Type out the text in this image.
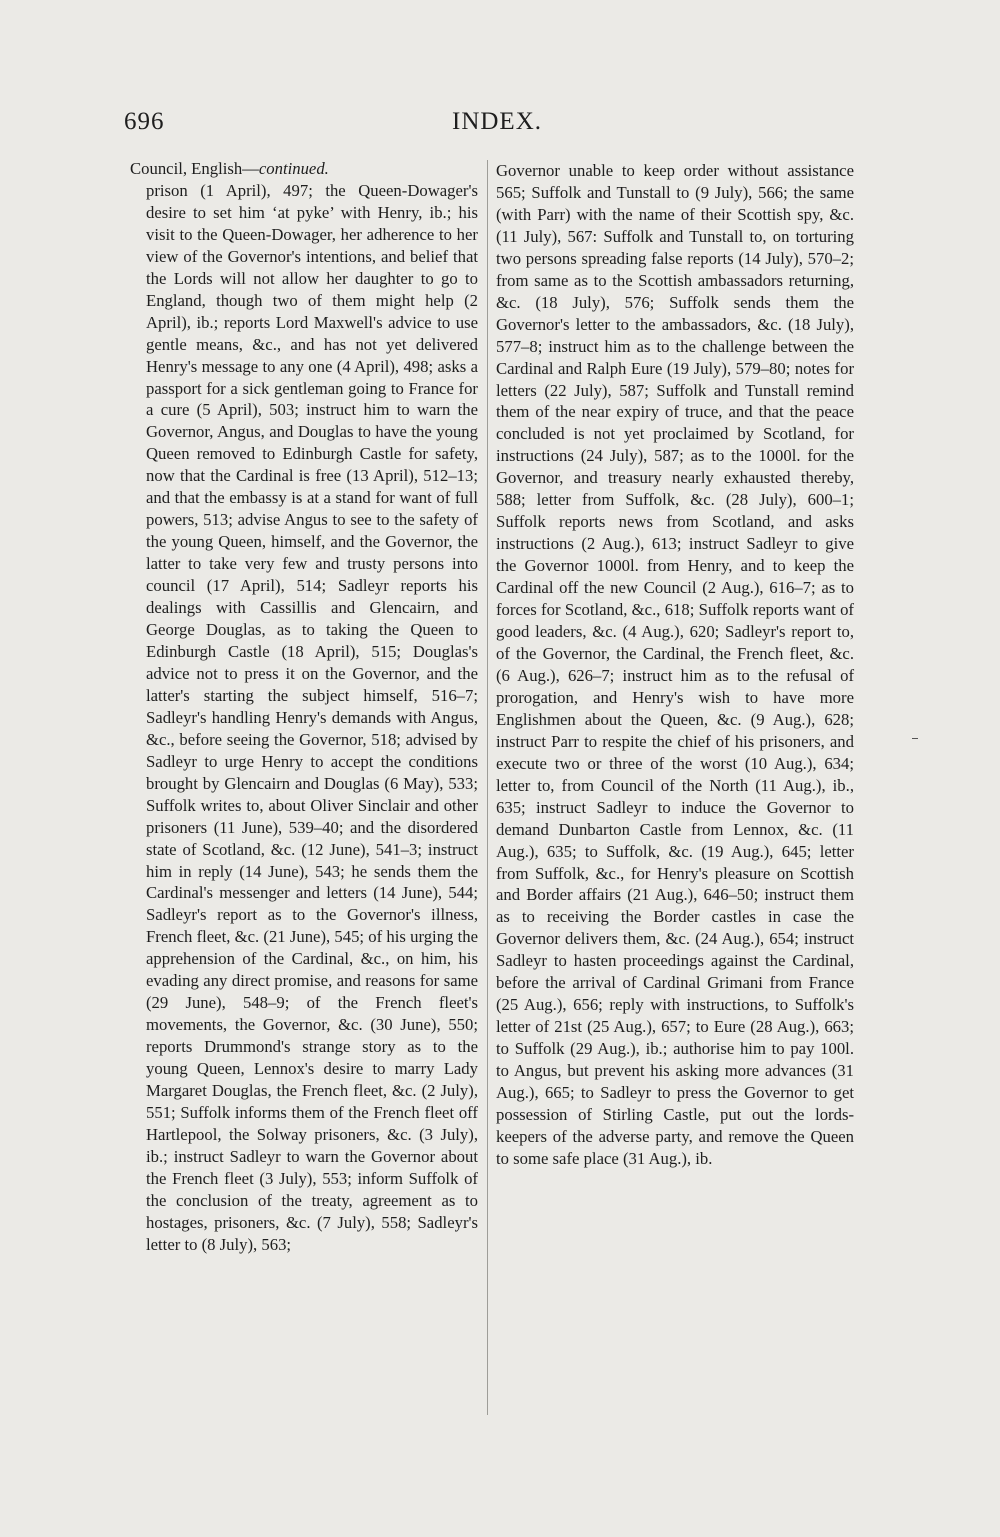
696	INDEX.
Council, English—continued.

prison (1 April), 497; the Queen-Dowager's desire to set him ‘at pyke’ with Henry, ib.; his visit to the Queen-Dowager, her adherence to her view of the Governor's intentions, and belief that the Lords will not allow her daughter to go to England, though two of them might help (2 April), ib.; reports Lord Maxwell's advice to use gentle means, &c., and has not yet delivered Henry's message to any one (4 April), 498; asks a passport for a sick gentleman going to France for a cure (5 April), 503; instruct him to warn the Governor, Angus, and Douglas to have the young Queen removed to Edinburgh Castle for safety, now that the Cardinal is free (13 April), 512–13; and that the embassy is at a stand for want of full powers, 513; advise Angus to see to the safety of the young Queen, himself, and the Governor, the latter to take very few and trusty persons into council (17 April), 514; Sadleyr reports his dealings with Cassillis and Glencairn, and George Douglas, as to taking the Queen to Edinburgh Castle (18 April), 515; Douglas's advice not to press it on the Governor, and the latter's starting the subject himself, 516–7; Sadleyr's handling Henry's demands with Angus, &c., before seeing the Governor, 518; advised by Sadleyr to urge Henry to accept the conditions brought by Glencairn and Douglas (6 May), 533; Suffolk writes to, about Oliver Sinclair and other prisoners (11 June), 539–40; and the disordered state of Scotland, &c. (12 June), 541–3; instruct him in reply (14 June), 543; he sends them the Cardinal's messenger and letters (14 June), 544; Sadleyr's report as to the Governor's illness, French fleet, &c. (21 June), 545; of his urging the apprehension of the Cardinal, &c., on him, his evading any direct promise, and reasons for same (29 June), 548–9; of the French fleet's movements, the Governor, &c. (30 June), 550; reports Drummond's strange story as to the young Queen, Lennox's desire to marry Lady Margaret Douglas, the French fleet, &c. (2 July), 551; Suffolk informs them of the French fleet off Hartlepool, the Solway prisoners, &c. (3 July), ib.; instruct Sadleyr to warn the Governor about the French fleet (3 July), 553; inform Suffolk of the conclusion of the treaty, agreement as to hostages, prisoners, &c. (7 July), 558; Sadleyr's letter to (8 July), 563;

Governor unable to keep order without assistance 565; Suffolk and Tunstall to (9 July), 566; the same (with Parr) with the name of their Scottish spy, &c. (11 July), 567: Suffolk and Tunstall to, on torturing two persons spreading false reports (14 July), 570–2; from same as to the Scottish ambassadors returning, &c. (18 July), 576; Suffolk sends them the Governor's letter to the ambassadors, &c. (18 July), 577–8; instruct him as to the challenge between the Cardinal and Ralph Eure (19 July), 579–80; notes for letters (22 July), 587; Suffolk and Tunstall remind them of the near expiry of truce, and that the peace concluded is not yet proclaimed by Scotland, for instructions (24 July), 587; as to the 1000l. for the Governor, and treasury nearly exhausted thereby, 588; letter from Suffolk, &c. (28 July), 600–1; Suffolk reports news from Scotland, and asks instructions (2 Aug.), 613; instruct Sadleyr to give the Governor 1000l. from Henry, and to keep the Cardinal off the new Council (2 Aug.), 616–7; as to forces for Scotland, &c., 618; Suffolk reports want of good leaders, &c. (4 Aug.), 620; Sadleyr's report to, of the Governor, the Cardinal, the French fleet, &c. (6 Aug.), 626–7; instruct him as to the refusal of prorogation, and Henry's wish to have more Englishmen about the Queen, &c. (9 Aug.), 628; instruct Parr to respite the chief of his prisoners, and execute two or three of the worst (10 Aug.), 634; letter to, from Council of the North (11 Aug.), ib., 635; instruct Sadleyr to induce the Governor to demand Dunbarton Castle from Lennox, &c. (11 Aug.), 635; to Suffolk, &c. (19 Aug.), 645; letter from Suffolk, &c., for Henry's pleasure on Scottish and Border affairs (21 Aug.), 646–50; instruct them as to receiving the Border castles in case the Governor delivers them, &c. (24 Aug.), 654; instruct Sadleyr to hasten proceedings against the Cardinal, before the arrival of Cardinal Grimani from France (25 Aug.), 656; reply with instructions, to Suffolk's letter of 21st (25 Aug.), 657; to Eure (28 Aug.), 663; to Suffolk (29 Aug.), ib.; authorise him to pay 100l. to Angus, but prevent his asking more advances (31 Aug.), 665; to Sadleyr to press the Governor to get possession of Stirling Castle, put out the lords-keepers of the adverse party, and remove the Queen to some safe place (31 Aug.), ib.
